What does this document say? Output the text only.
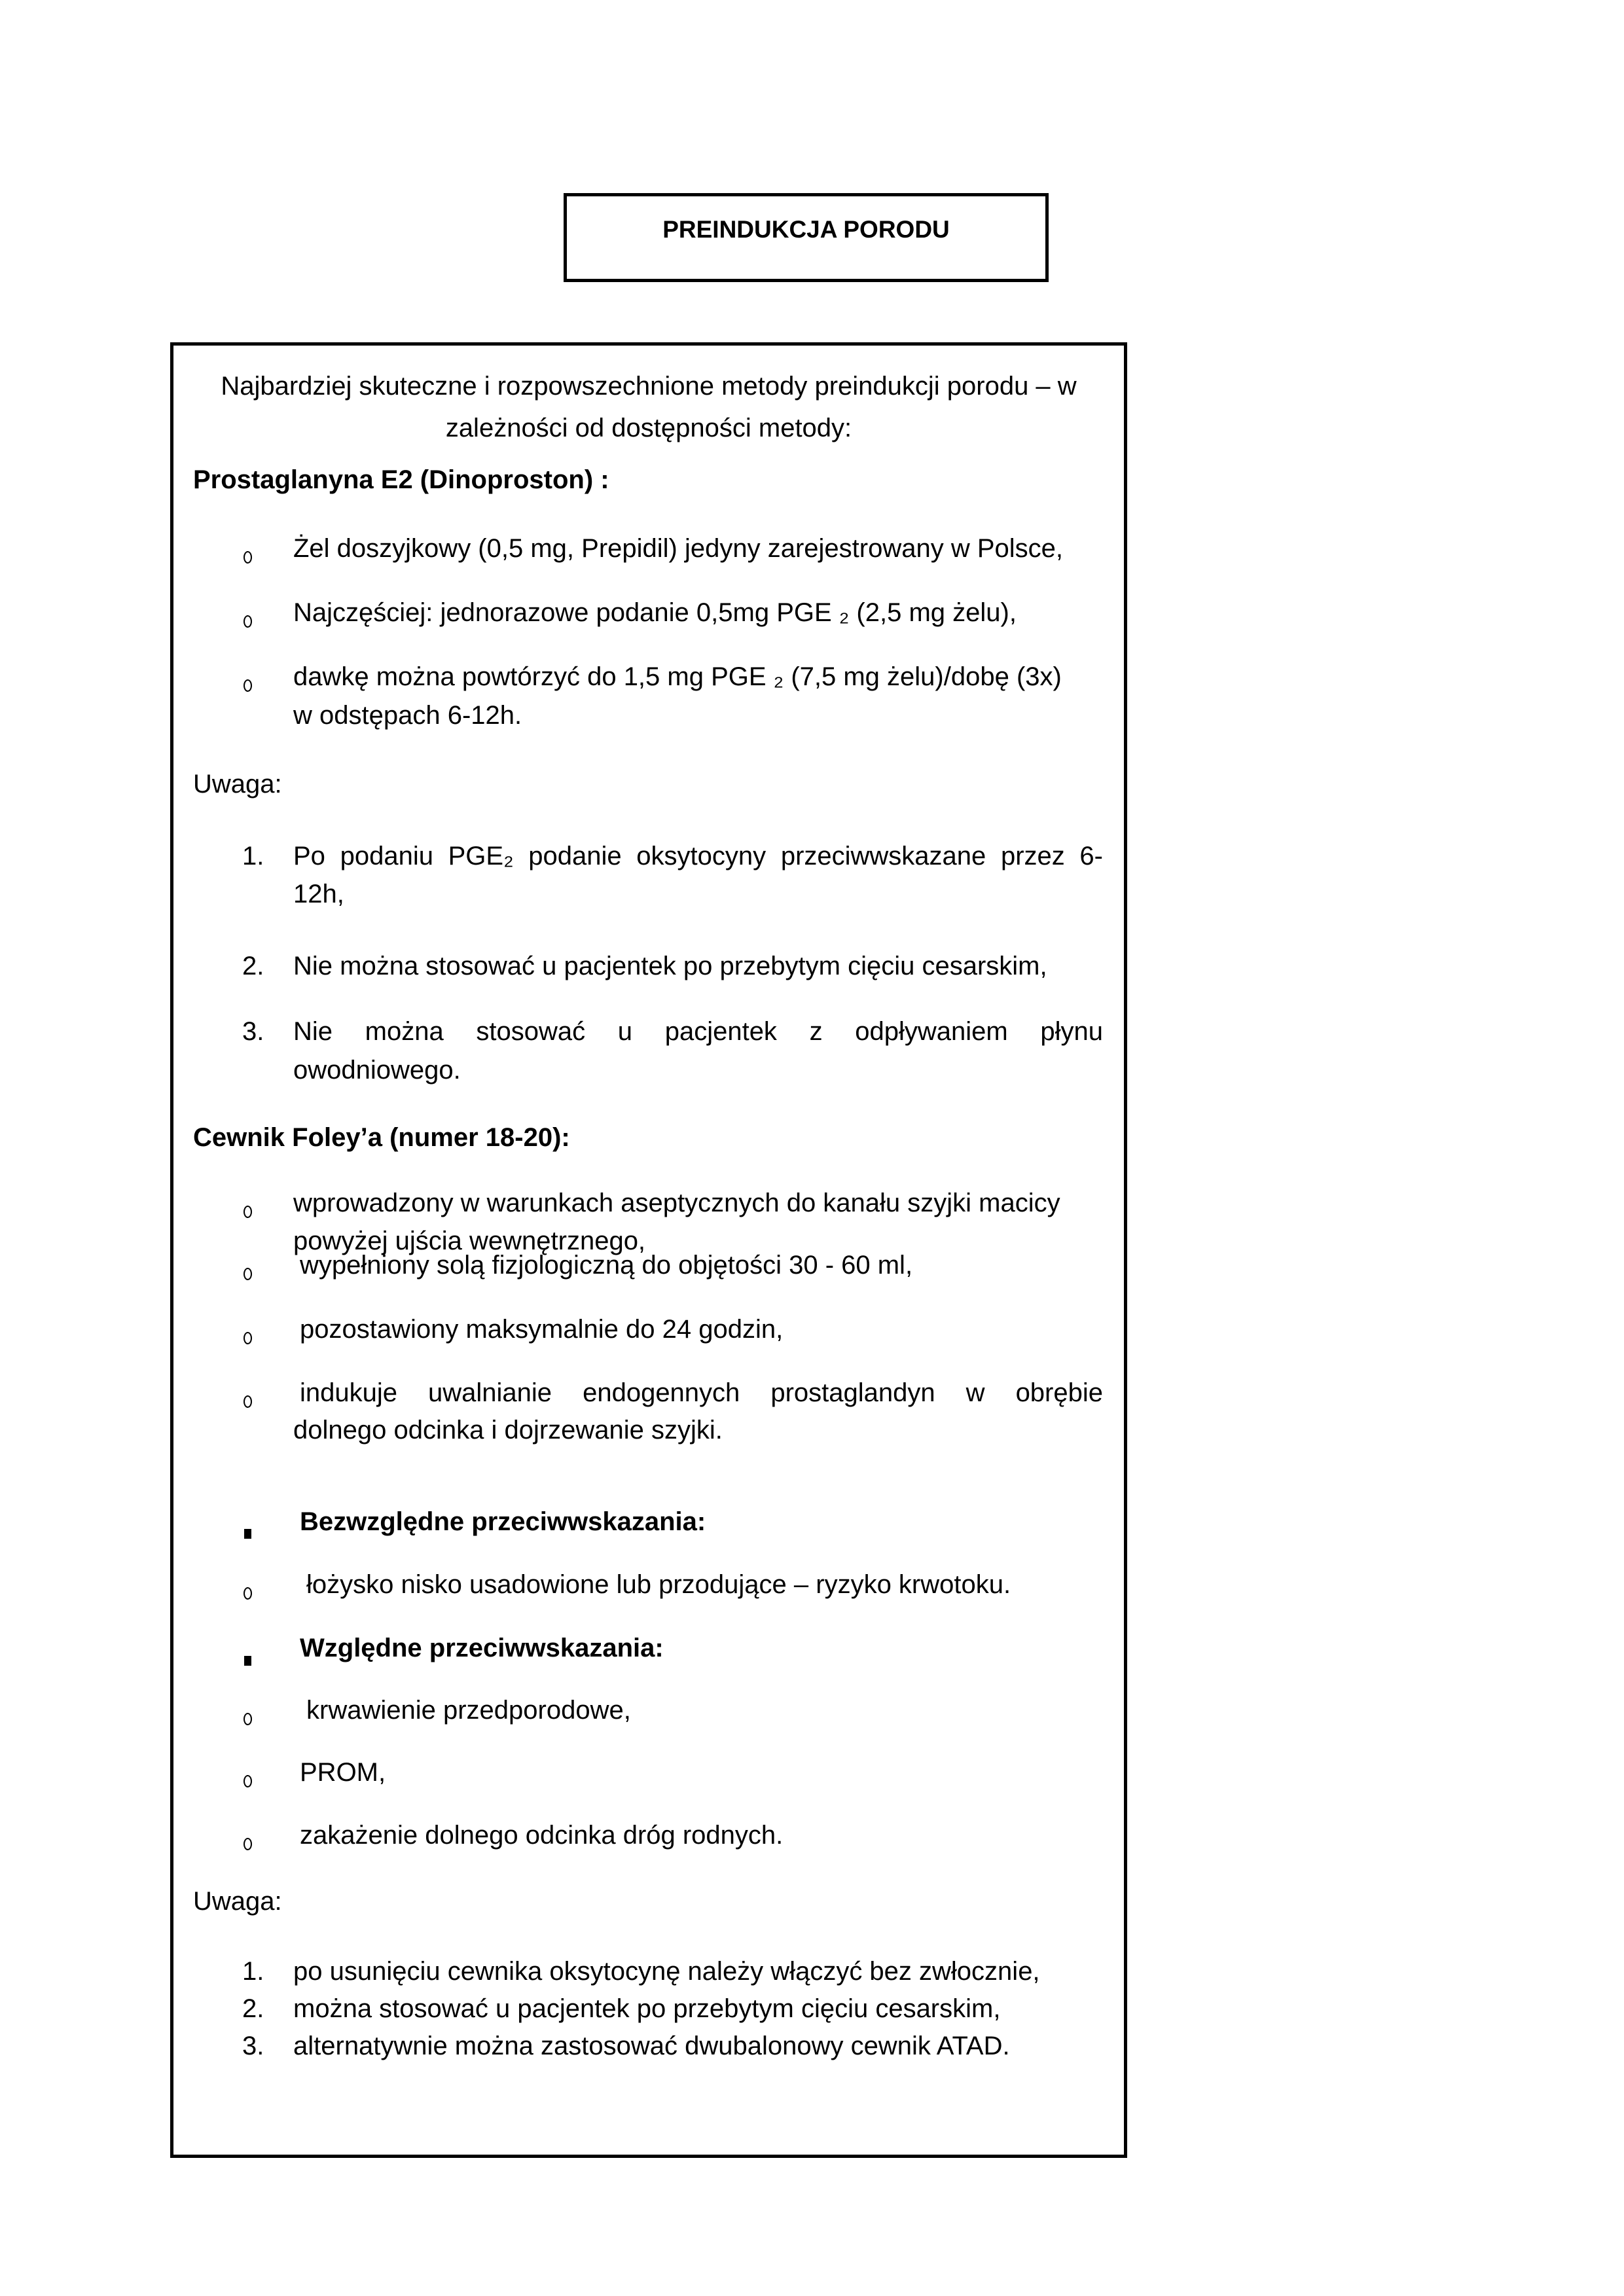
PREINDUKCJA PORODU
Najbardziej skuteczne i rozpowszechnione metody preindukcji porodu – w
zależności od dostępności metody:
Prostaglanyna E2 (Dinoproston) :
Żel doszyjkowy (0,5 mg, Prepidil) jedyny zarejestrowany w Polsce,
Najczęściej: jednorazowe podanie 0,5mg PGE ₂ (2,5 mg żelu),
dawkę można powtórzyć do 1,5 mg PGE ₂ (7,5 mg żelu)/dobę (3x)
w odstępach 6-12h.
Uwaga:
1. Po podaniu PGE₂ podanie oksytocyny przeciwwskazane przez 6-
12h,
2. Nie można stosować u pacjentek po przebytym cięciu cesarskim,
3. Nie można stosować u pacjentek z odpływaniem płynu
owodniowego.
Cewnik Foley’a (numer 18-20):
wprowadzony w warunkach aseptycznych do kanału szyjki macicy
powyżej ujścia wewnętrznego,
wypełniony solą fizjologiczną do objętości 30 - 60 ml,
pozostawiony maksymalnie do 24 godzin,
indukuje uwalnianie endogennych prostaglandyn w obrębie
dolnego odcinka i dojrzewanie szyjki.
Bezwzględne przeciwwskazania:
łożysko nisko usadowione lub przodujące – ryzyko krwotoku.
Względne przeciwwskazania:
krwawienie przedporodowe,
PROM,
zakażenie dolnego odcinka dróg rodnych.
Uwaga:
1. po usunięciu cewnika oksytocynę należy włączyć bez zwłocznie,
2. można stosować u pacjentek po przebytym cięciu cesarskim,
3. alternatywnie można zastosować dwubalonowy cewnik ATAD.
